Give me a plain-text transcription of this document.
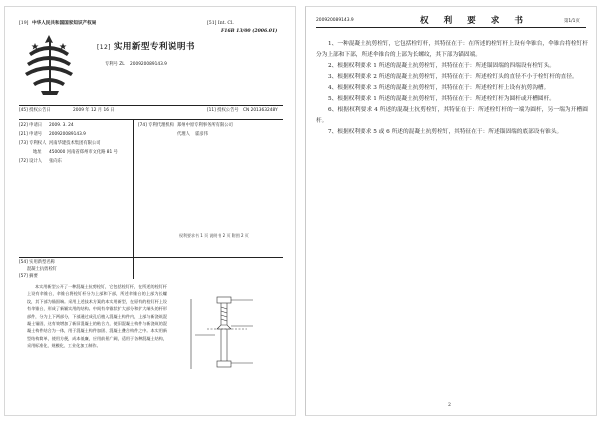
[19] 中华人民共和国国家知识产权局	[51] Int. Cl.
F16B 13/00 (2006.01)
[12] 实用新型专利说明书
专利号 ZL 200920089143.9
[45] 授权公告日	2009 年 12 月 16 日	[11] 授权公告号 CN 201363248Y
[22] 申请日 2009. 3. 24
[21] 申请号 200920089143.9
[73] 专利权人 河南华建技术集团有限公司
地址 450000 河南省郑州市文化路 81 号
[72] 设计人 张向东
[74] 专利代理机构 郑州中原专利事务所有限公司
代理人 霍彦伟
权利要求书 1 页 说明书 2 页 附图 2 页
[54] 实用新型名称
混凝土抗剪栓钉
[57] 摘要

本实用新型公开了一种混凝土抗剪栓钉，它包括栓钉杆，在所述的栓钉杆上设有伞锥台，伞锥台将栓钉杆分为上部和下部，所述伞锥台的上部为长螺纹，其下部为锚固端。采用上述技术方案的本实用新型，在原有的栓钉杆上设有伞锥台，形成了新颖实用的结构。中间有伞锥状扩大部分和扩大端头的杆形部件，分为上下两部分，下部通过成孔后植入混凝土构件内，上部与新浇筑混凝土锚固，这有效增加了新旧混凝土的粘合力，使旧混凝土构件与新浇筑的混凝土构件结合为一体，用于混凝土构件加固、混凝土叠合构件之中。本实用新型结构简单，使用方便，成本低廉，应用前景广阔，适用于各种混凝土结构，采用标准化、规模化、工业化加工制作。

200920089143.9	权 利 要 求 书	第1/1页

1、一种混凝土抗剪栓钉，它包括栓钉杆，其特征在于：在所述的栓钉杆上设有伞锥台，伞锥台将栓钉杆分为上部和下部，所述伞锥台的上部为长螺纹，其下部为锚固端。

2、根据权利要求 1 所述的混凝土抗剪栓钉，其特征在于：所述锚固端的四端设有栓钉头。

3、根据权利要求 2 所述的混凝土抗剪栓钉，其特征在于：所述栓钉头的直径不小于栓钉杆的直径。

4、根据权利要求 3 所述的混凝土抗剪栓钉，其特征在于：所述栓钉杆上设有抗剪沟槽。

5、根据权利要求 1 所述的混凝土抗剪栓钉，其特征在于：所述栓钉杆为圆杆或开槽圆杆。

6、根据权利要求 4 所述的混凝土抗剪栓钉，其特征在于：所述栓钉杆的一端为圆杆，另一端为开槽圆杆。

7、根据权利要求 5 或 6 所述的混凝土抗剪栓钉，其特征在于：所述锚固端的底部设有锥头。

2
